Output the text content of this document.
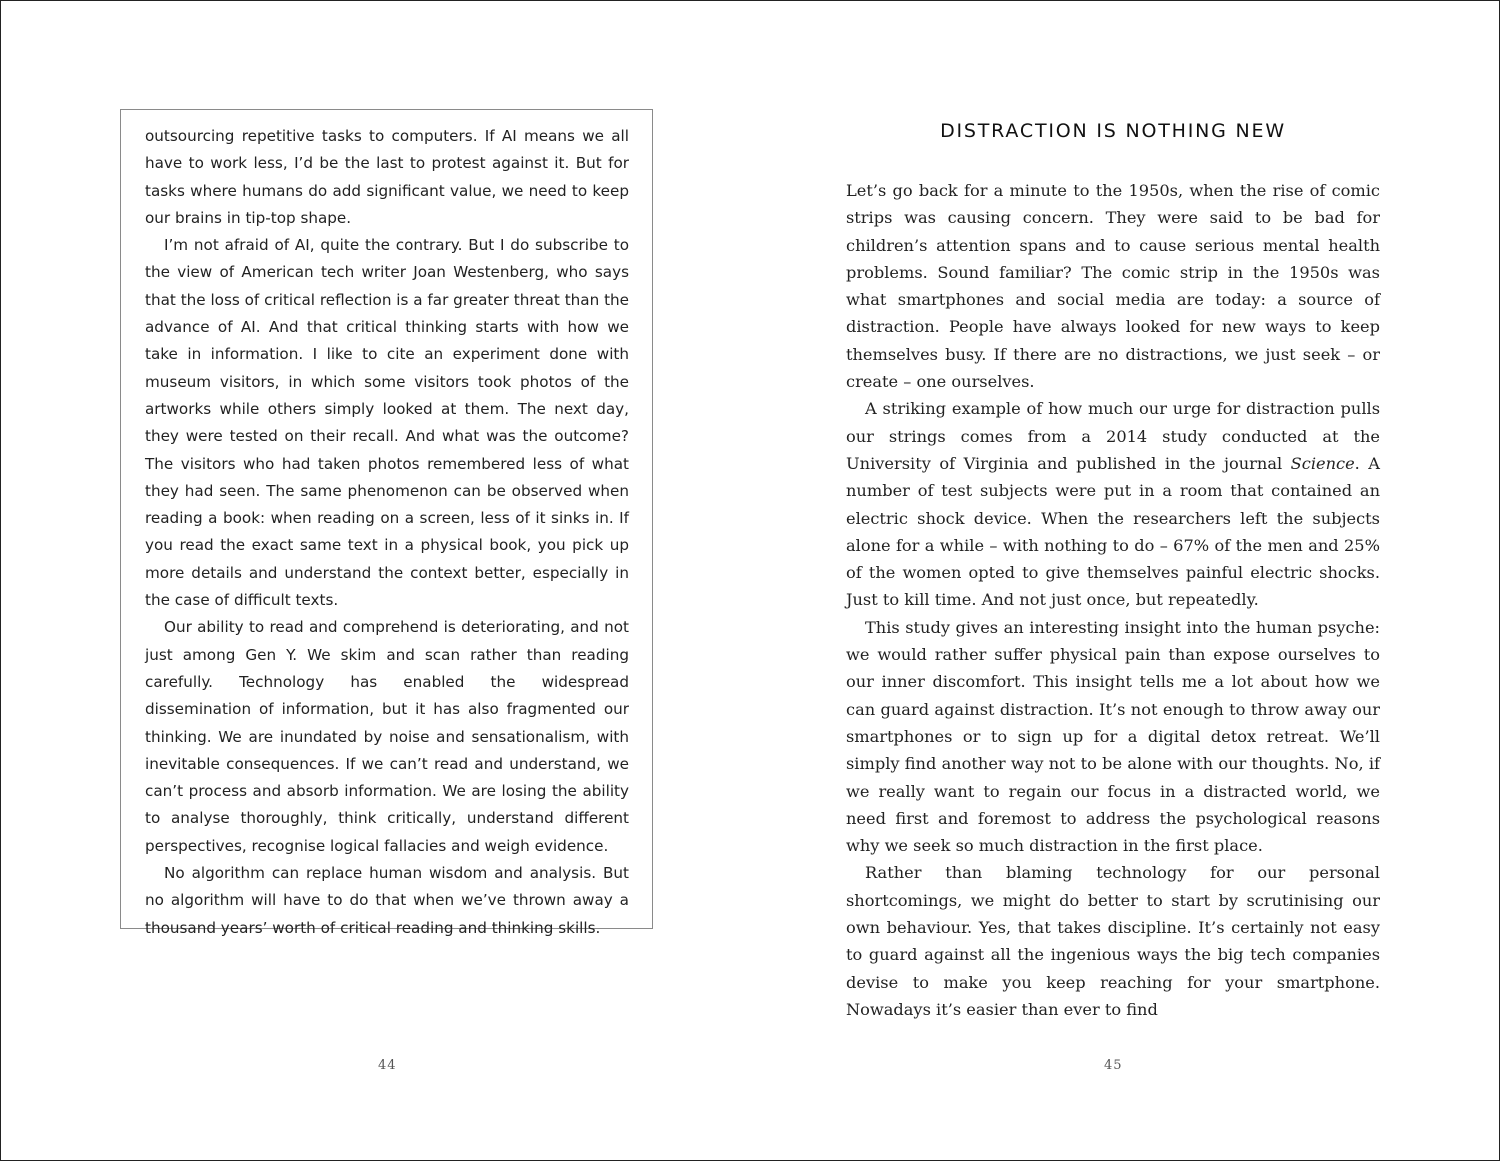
outsourcing repetitive tasks to computers. If AI means we all have to work less, I’d be the last to protest against it. But for tasks where humans do add significant value, we need to keep our brains in tip-top shape.

I’m not afraid of AI, quite the contrary. But I do subscribe to the view of American tech writer Joan Westenberg, who says that the loss of critical reflection is a far greater threat than the advance of AI. And that critical thinking starts with how we take in information. I like to cite an experiment done with museum visitors, in which some visitors took photos of the artworks while others simply looked at them. The next day, they were tested on their recall. And what was the outcome? The visitors who had taken photos remembered less of what they had seen. The same phenomenon can be observed when reading a book: when reading on a screen, less of it sinks in. If you read the exact same text in a physical book, you pick up more details and understand the context better, especially in the case of difficult texts.

Our ability to read and comprehend is deteriorating, and not just among Gen Y. We skim and scan rather than reading carefully. Technology has enabled the widespread dissemination of information, but it has also fragmented our thinking. We are inundated by noise and sensationalism, with inevitable consequences. If we can’t read and understand, we can’t process and absorb information. We are losing the ability to analyse thoroughly, think critically, understand different perspectives, recognise logical fallacies and weigh evidence.

No algorithm can replace human wisdom and analysis. But no algorithm will have to do that when we’ve thrown away a thousand years’ worth of critical reading and thinking skills.

44
DISTRACTION IS NOTHING NEW

Let’s go back for a minute to the 1950s, when the rise of comic strips was causing concern. They were said to be bad for children’s attention spans and to cause serious mental health problems. Sound familiar? The comic strip in the 1950s was what smartphones and social media are today: a source of distraction. People have always looked for new ways to keep themselves busy. If there are no distractions, we just seek – or create – one ourselves.

A striking example of how much our urge for distraction pulls our strings comes from a 2014 study conducted at the University of Virginia and published in the journal Science. A number of test subjects were put in a room that contained an electric shock device. When the researchers left the subjects alone for a while – with nothing to do – 67% of the men and 25% of the women opted to give themselves painful electric shocks. Just to kill time. And not just once, but repeatedly.

This study gives an interesting insight into the human psyche: we would rather suffer physical pain than expose ourselves to our inner discomfort. This insight tells me a lot about how we can guard against distraction. It’s not enough to throw away our smartphones or to sign up for a digital detox retreat. We’ll simply find another way not to be alone with our thoughts. No, if we really want to regain our focus in a distracted world, we need first and foremost to address the psychological reasons why we seek so much distraction in the first place.

Rather than blaming technology for our personal shortcomings, we might do better to start by scrutinising our own behaviour. Yes, that takes discipline. It’s certainly not easy to guard against all the ingenious ways the big tech companies devise to make you keep reaching for your smartphone. Nowadays it’s easier than ever to find

45
